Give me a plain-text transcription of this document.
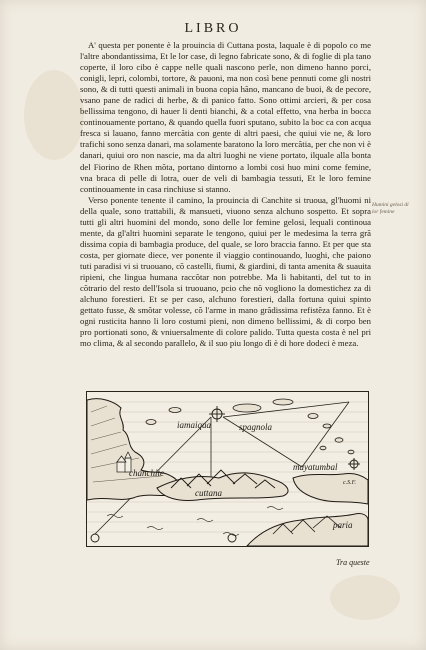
LIBRO

A' questa per ponente è la prouincia di Cuttana posta, laquale è di popolo co me l'altre abondantissima, Et le lor case, di legno fabricate sono, & di foglie di pla tano coperte, il loro cibo è cappe nelle quali nascono perle, non dimeno hanno porci, conigli, lepri, colombi, tortore, & pauoni, ma non così bene pennuti come gli nostri sono, & di tutti questi animali in buona copia hãno, mancano de buoi, & de pecore, vsano pane de radici di herbe, & di panico fatto. Sono ottimi arcieri, & per cosa bellissima tengono, di hauer li denti bianchi, & a cotal effetto, vna herba in bocca continouamente portano, & quando quella fuori sputano, subito la boc ca con acqua fresca si lauano, fanno mercãtia con gente di altri paesi, che quiui vie ne, & loro trafichi sono senza danari, ma solamente baratono la loro mercãtia, per che non vi è danari, quiui oro non nascie, ma da altri luoghi ne viene portato, ilquale alla bonta del Fiorino de Rhen mõta, portano dintorno a lombi cosi huo mini come femine, vna braca di pelle di lotra, ouer de veli di bambagia tessuti, Et le loro femine continouamente in casa rinchiuse si stanno.

Verso ponente tenente il camino, la prouincia di Canchite si truoua, gl'huomi ni della quale, sono trattabili, & mansueti, viuono senza alchuno sospetto. Et sopra tutti gli altri huomini del mondo, sono delle lor femine gelosi, lequali continoua mente, da gl'altri huomini separate le tengono, quiui per le medesima la terra grã dissima copia di bambagia produce, del quale, se loro braccia fanno. Et per que sta costa, per giornate diece, ver ponente il viaggio continouando, luoghi, che paiono tuti paradisi vi si truouano, cõ castelli, fiumi, & giardini, di tanta amenita & suauita ripieni, che lingua humana raccõtar non potrebbe. Ma li habitanti, del tut to in cõtrario del resto dell'Isola si truouano, pcio che nõ vogliono la domestichez za di alchuno forestieri. Et se per caso, alchuno forestieri, dalla fortuna quiui spinto gettato fusse, & smõtar volesse, cõ l'arme in mano grãdissima refistẽza fanno. Et è ogni rusticita hanno li loro costumi pieni, non dimeno bellissimi, & di corpo ben pro portionati sono, & vniuersalmente di colore palido. Tutta questa costa è nel pri mo clima, & al secondo parallelo, & il suo piu longo dì è di hore dodeci è meza.

Humini gelosi di lor femine
iamaiqua	spagnola
chanchite
cuttana
mayatumbal
paria
c.S.F.
Tra queste
